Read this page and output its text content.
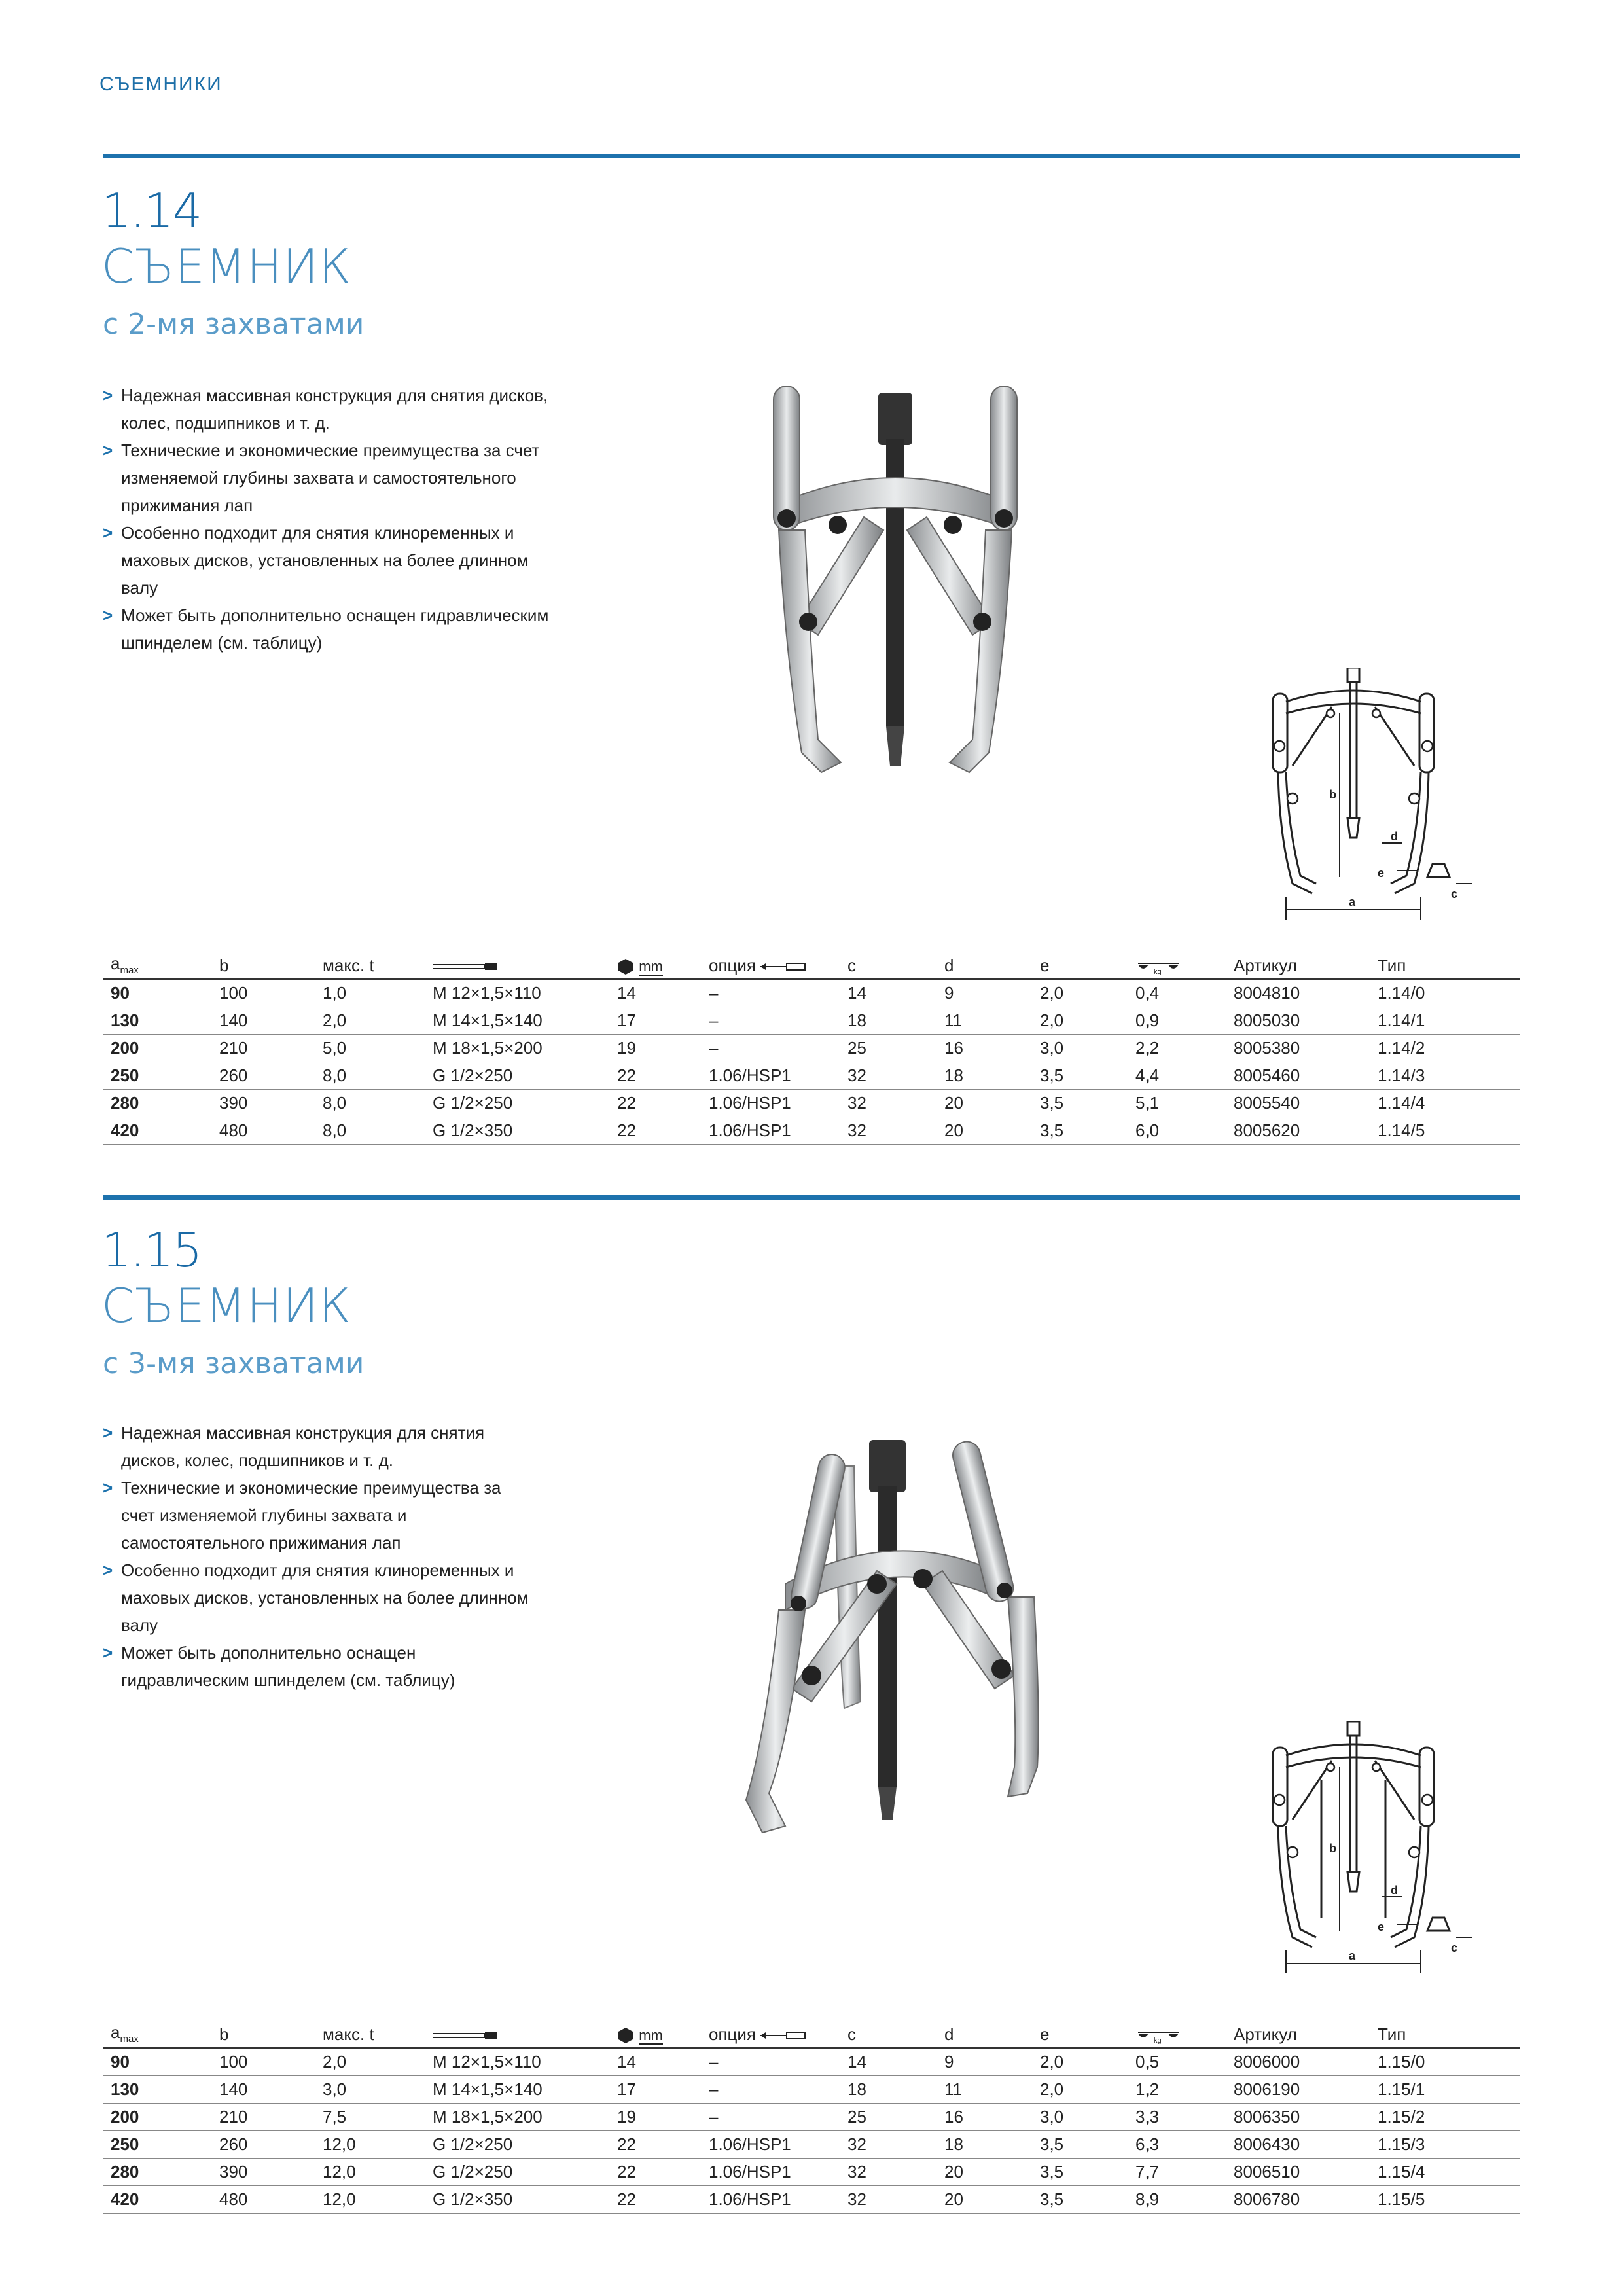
СЪЕМНИКИ
1.14
СЪЕМНИК
с 2-мя захватами
> Надежная массивная конструкция для снятия дисков, колес, подшипников и т. д.
> Технические и экономические преимущества за счет изменяемой глубины захвата и самостоятельного прижимания лап
> Особенно подходит для снятия клиноременных и маховых дисков, установленных на более длинном валу
> Может быть дополнительно оснащен гидравлическим шпинделем (см. таблицу)
b
d
e
c
a
$a_{max}$	b	макс. t		mm	опция	c	d	e	kg	Артикул	Тип
90	100	1,0	M 12×1,5×110	14	–	14	9	2,0	0,4	8004810	1.14/0
130	140	2,0	M 14×1,5×140	17	–	18	11	2,0	0,9	8005030	1.14/1
200	210	5,0	M 18×1,5×200	19	–	25	16	3,0	2,2	8005380	1.14/2
250	260	8,0	G 1/2×250	22	1.06/HSP1	32	18	3,5	4,4	8005460	1.14/3
280	390	8,0	G 1/2×250	22	1.06/HSP1	32	20	3,5	5,1	8005540	1.14/4
420	480	8,0	G 1/2×350	22	1.06/HSP1	32	20	3,5	6,0	8005620	1.14/5
1.15
СЪЕМНИК
с 3-мя захватами
> Надежная массивная конструкция для снятия дисков, колес, подшипников и т. д.
> Технические и экономические преимущества за счет изменяемой глубины захвата и самостоятельного прижимания лап
> Особенно подходит для снятия клиноременных и маховых дисков, установленных на более длинном валу
> Может быть дополнительно оснащен гидравлическим шпинделем (см. таблицу)
b
d
e
c
a
$a_{max}$	b	макс. t		mm	опция	c	d	e	kg	Артикул	Тип
90	100	2,0	M 12×1,5×110	14	–	14	9	2,0	0,5	8006000	1.15/0
130	140	3,0	M 14×1,5×140	17	–	18	11	2,0	1,2	8006190	1.15/1
200	210	7,5	M 18×1,5×200	19	–	25	16	3,0	3,3	8006350	1.15/2
250	260	12,0	G 1/2×250	22	1.06/HSP1	32	18	3,5	6,3	8006430	1.15/3
280	390	12,0	G 1/2×250	22	1.06/HSP1	32	20	3,5	7,7	8006510	1.15/4
420	480	12,0	G 1/2×350	22	1.06/HSP1	32	20	3,5	8,9	8006780	1.15/5
